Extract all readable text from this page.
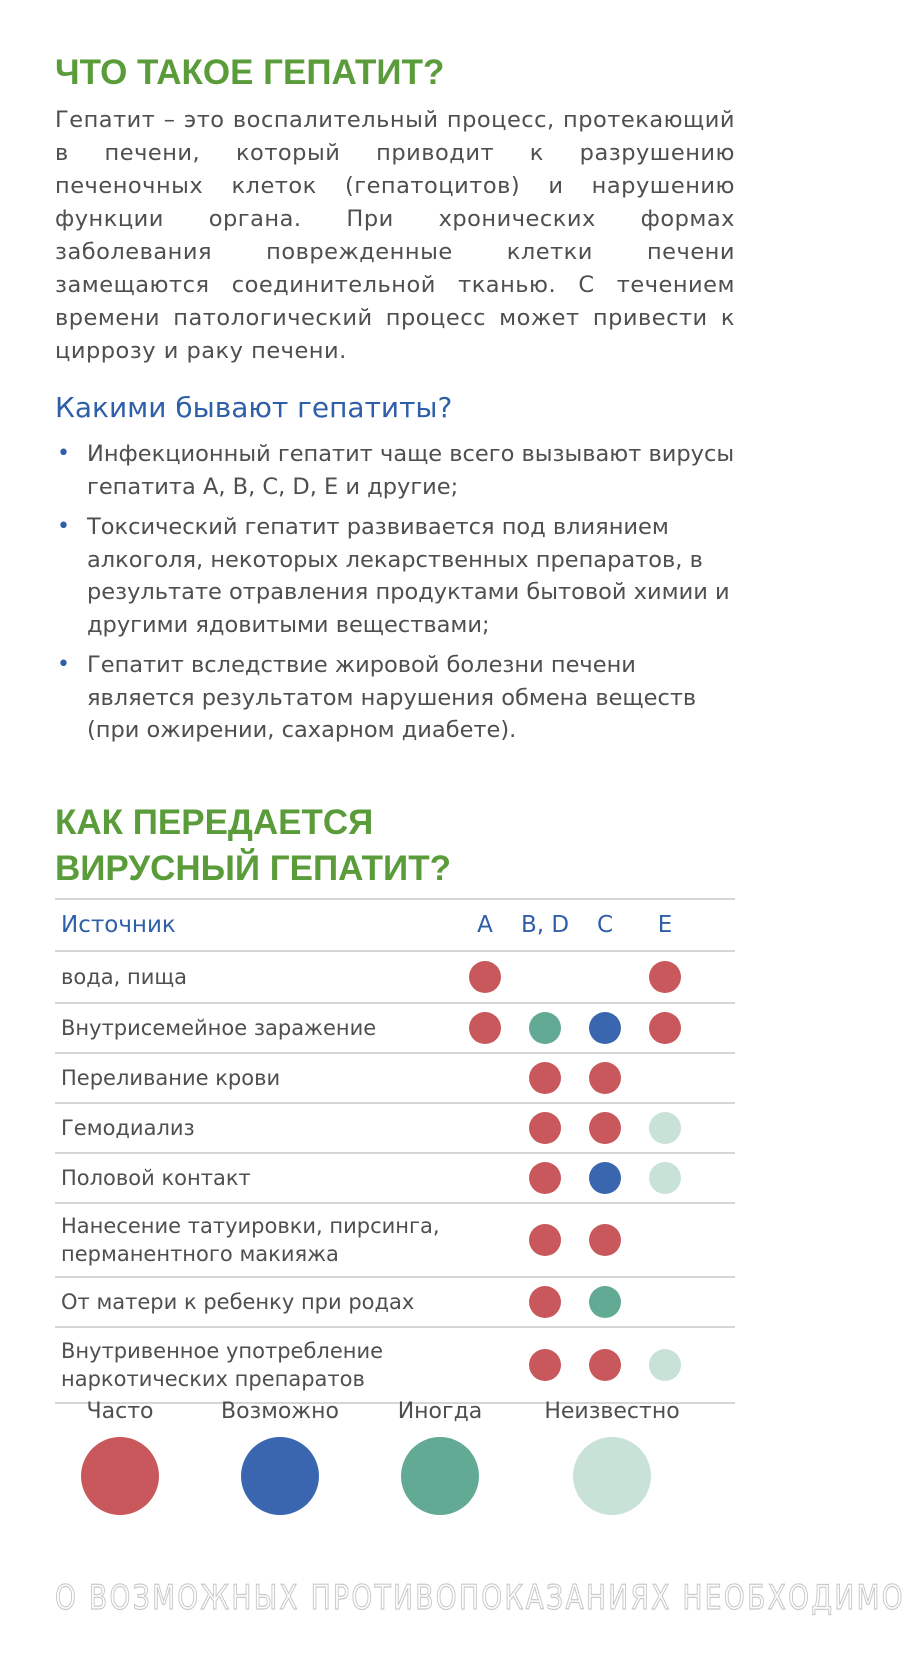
ЧТО ТАКОЕ ГЕПАТИТ?

Гепатит – это воспалительный процесс, протекающий в печени, который приводит к разрушению печеночных клеток (гепатоцитов) и нарушению функции органа. При хронических формах заболевания поврежденные клетки печени замещаются соединительной тканью. С течением времени патологический процесс может привести к циррозу и раку печени.

Какими бывают гепатиты?
• Инфекционный гепатит чаще всего вызывают вирусы гепатита A, B, C, D, E и другие;
• Токсический гепатит развивается под влиянием алкоголя, некоторых лекарственных препаратов, в результате отравления продуктами бытовой химии и другими ядовитыми веществами;
• Гепатит вследствие жировой болезни печени является результатом нарушения обмена веществ (при ожирении, сахарном диабете).
КАК ПЕРЕДАЕТСЯ ВИРУСНЫЙ ГЕПАТИТ?
Источник	A	B, D	C	E
вода, пища
Внутрисемейное заражение
Переливание крови
Гемодиализ
Половой контакт
Нанесение татуировки, пирсинга, перманентного макияжа
От матери к ребенку при родах
Внутривенное употребление наркотических препаратов
Часто	Возможно	Иногда	Неизвестно
О ВОЗМОЖНЫХ ПРОТИВОПОКАЗАНИЯХ НЕОБХОДИМО
